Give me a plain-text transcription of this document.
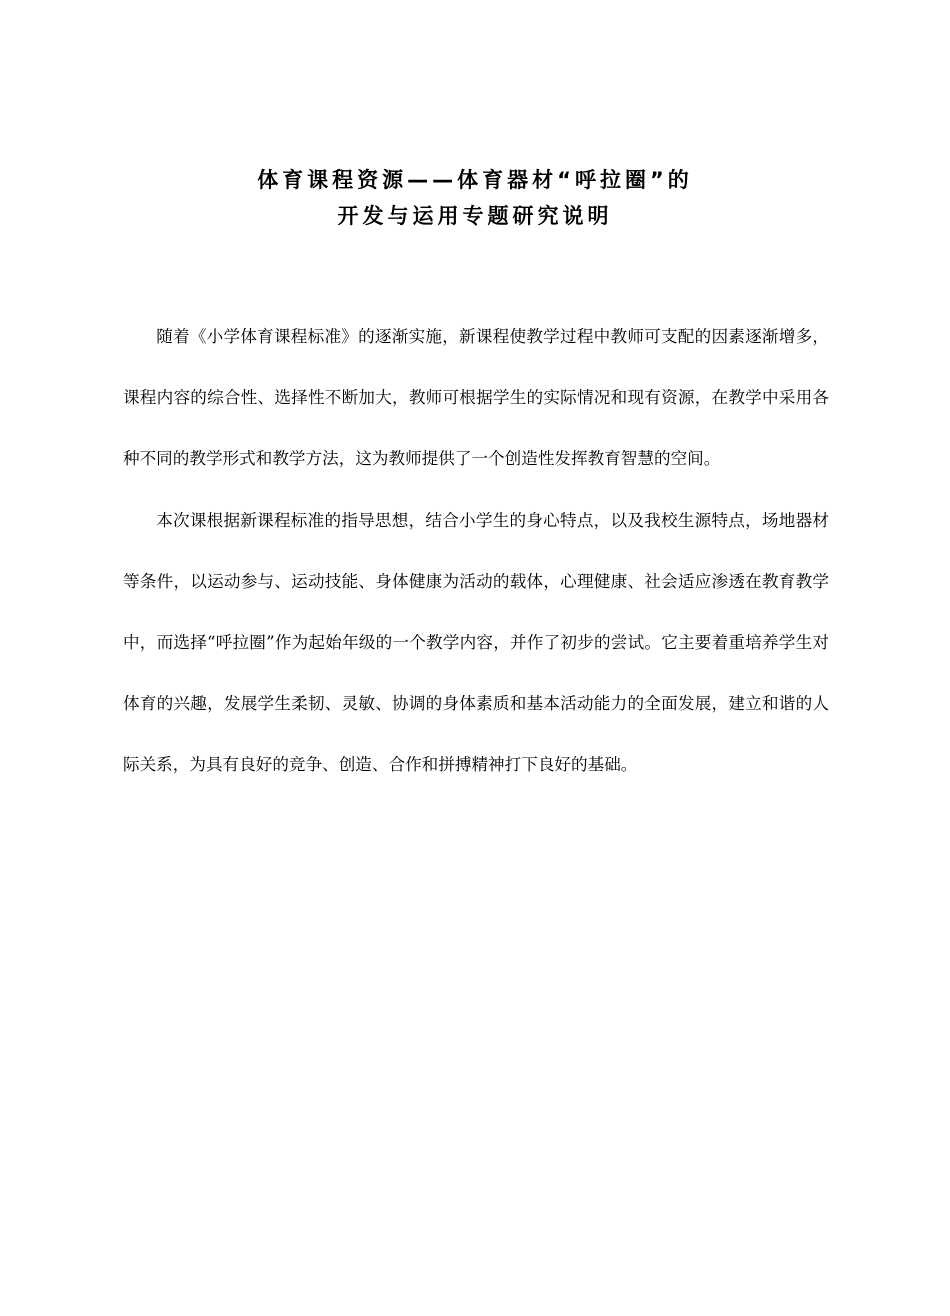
体育课程资源——体育器材“呼拉圈”的
开发与运用专题研究说明

随着《小学体育课程标准》的逐渐实施，新课程使教学过程中教师可支配的因素逐渐增多，课程内容的综合性、选择性不断加大，教师可根据学生的实际情况和现有资源，在教学中采用各种不同的教学形式和教学方法，这为教师提供了一个创造性发挥教育智慧的空间。

本次课根据新课程标准的指导思想，结合小学生的身心特点，以及我校生源特点，场地器材等条件，以运动参与、运动技能、身体健康为活动的载体，心理健康、社会适应渗透在教育教学中，而选择“呼拉圈”作为起始年级的一个教学内容，并作了初步的尝试。它主要着重培养学生对体育的兴趣，发展学生柔韧、灵敏、协调的身体素质和基本活动能力的全面发展，建立和谐的人际关系，为具有良好的竞争、创造、合作和拼搏精神打下良好的基础。
